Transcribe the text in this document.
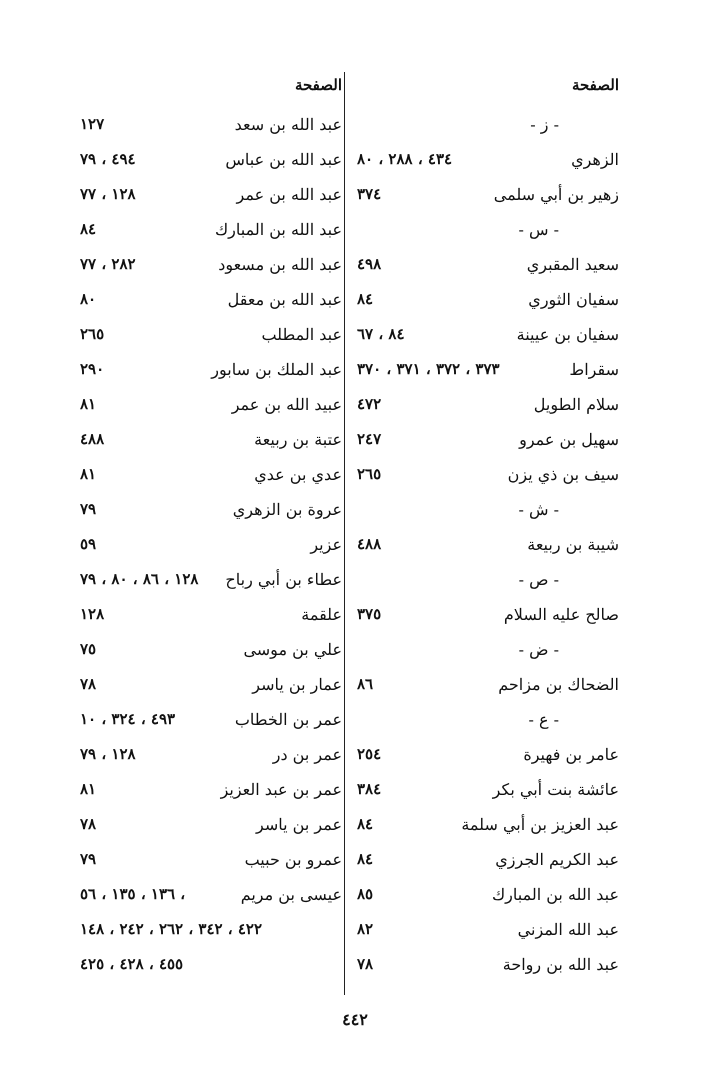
الصفحة
- ز -
الزهري
٤٣٤ ، ٢٨٨ ، ٨٠
زهير بن أبي سلمى
٣٧٤
- س -
سعيد المقبري
٤٩٨
سفيان الثوري
٨٤
سفيان بن عيينة
٨٤ ، ٦٧
سقراط
٣٧٣ ، ٣٧٢ ، ٣٧١ ، ٣٧٠
سلام الطويل
٤٧٢
سهيل بن عمرو
٢٤٧
سيف بن ذي يزن
٢٦٥
- ش -
شيبة بن ربيعة
٤٨٨
- ص -
صالح عليه السلام
٣٧٥
- ض -
الضحاك بن مزاحم
٨٦
- ع -
عامر بن فهيرة
٢٥٤
عائشة بنت أبي بكر
٣٨٤
عبد العزيز بن أبي سلمة
٨٤
عبد الكريم الجرزي
٨٤
عبد الله بن المبارك
٨٥
عبد الله المزني
٨٢
عبد الله بن رواحة
٧٨
الصفحة
عبد الله بن سعد
١٢٧
عبد الله بن عباس
٤٩٤ ، ٧٩
عبد الله بن عمر
١٢٨ ، ٧٧
عبد الله بن المبارك
٨٤
عبد الله بن مسعود
٢٨٢ ، ٧٧
عبد الله بن معقل
٨٠
عبد المطلب
٢٦٥
عبد الملك بن سابور
٢٩٠
عبيد الله بن عمر
٨١
عتبة بن ربيعة
٤٨٨
عدي بن عدي
٨١
عروة بن الزهري
٧٩
عزير
٥٩
عطاء بن أبي رباح
١٢٨ ، ٨٦ ، ٨٠ ، ٧٩
علقمة
١٢٨
علي بن موسى
٧٥
عمار بن ياسر
٧٨
عمر بن الخطاب
٤٩٣ ، ٣٢٤ ، ١٠
عمر بن در
١٢٨ ، ٧٩
عمر بن عبد العزيز
٨١
عمر بن ياسر
٧٨
عمرو بن حبيب
٧٩
عيسى بن مريم
، ١٣٦ ، ١٣٥ ، ٥٦
٤٢٢ ، ٣٤٢ ، ٢٦٢ ، ٢٤٢ ، ١٤٨
٤٥٥ ، ٤٢٨ ، ٤٢٥
٤٤٢
